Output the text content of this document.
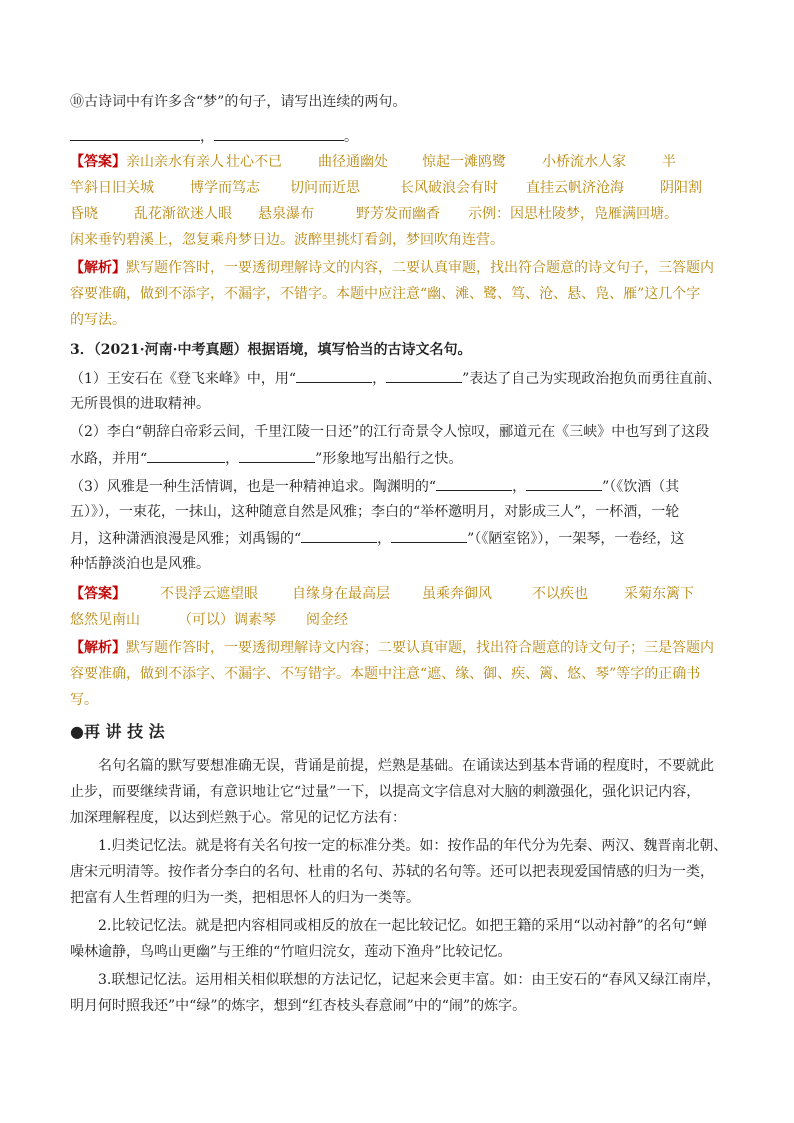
⑩古诗词中有许多含“梦”的句子，请写出连续的两句。
，	。
【答案】亲山亲水有亲人 壮心不已	曲径通幽处 惊起一滩鸥鹭	小桥流水人家	半
竿斜日旧关城	博学而笃志 切问而近思	长风破浪会有时 直挂云帆济沧海	阴阳割
昏晓	乱花渐欲迷人眼 悬泉瀑布	野芳发而幽香 示例：因思杜陵梦，凫雁满回塘。
闲来垂钓碧溪上，忽复乘舟梦日边。波醉里挑灯看剑，梦回吹角连营。
【解析】默写题作答时，一要透彻理解诗文的内容，二要认真审题，找出符合题意的诗文句子，三答题内
容要准确，做到不添字，不漏字，不错字。本题中应注意“幽、滩、鹭、笃、沧、悬、凫、雁”这几个字
的写法。
3．（2021·河南·中考真题）根据语境，填写恰当的古诗文名句。
（1）王安石在《登飞来峰》中，用“	，	”表达了自己为实现政治抱负而勇往直前、
无所畏惧的进取精神。
（2）李白“朝辞白帝彩云间，千里江陵一日还”的江行奇景令人惊叹，郦道元在《三峡》中也写到了这段
水路，并用“	，	”形象地写出船行之快。
（3）风雅是一种生活情调，也是一种精神追求。陶渊明的“	，	”（《饮酒（其
五）》），一束花，一抹山，这种随意自然是风雅；李白的“举杯邀明月，对影成三人”，一杯酒，一轮
月，这种潇洒浪漫是风雅；刘禹锡的“	，	”（《陋室铭》），一架琴，一卷经，这
种恬静淡泊也是风雅。
【答案】 不畏浮云遮望眼 自缘身在最高层 虽乘奔御风	不以疾也	采菊东篱下
悠然见南山	（可以）调素琴 阅金经
【解析】默写题作答时，一要透彻理解诗文内容；二要认真审题，找出符合题意的诗文句子；三是答题内
容要准确，做到不添字、不漏字、不写错字。本题中注意“遮、缘、御、疾、篱、悠、琴”等字的正确书
写。
●再 讲 技 法
名句名篇的默写要想准确无误，背诵是前提，烂熟是基础。在诵读达到基本背诵的程度时，不要就此
止步，而要继续背诵，有意识地让它“过量”一下，以提高文字信息对大脑的刺激强化，强化识记内容，
加深理解程度，以达到烂熟于心。常见的记忆方法有：
1.归类记忆法。就是将有关名句按一定的标准分类。如：按作品的年代分为先秦、两汉、魏晋南北朝、
唐宋元明清等。按作者分李白的名句、杜甫的名句、苏轼的名句等。还可以把表现爱国情感的归为一类，
把富有人生哲理的归为一类，把相思怀人的归为一类等。
2.比较记忆法。就是把内容相同或相反的放在一起比较记忆。如把王籍的采用“以动衬静”的名句“蝉
噪林逾静，鸟鸣山更幽”与王维的“竹喧归浣女，莲动下渔舟”比较记忆。
3.联想记忆法。运用相关相似联想的方法记忆，记起来会更丰富。如：由王安石的“春风又绿江南岸，
明月何时照我还”中“绿”的炼字，想到“红杏枝头春意闹”中的“闹”的炼字。
